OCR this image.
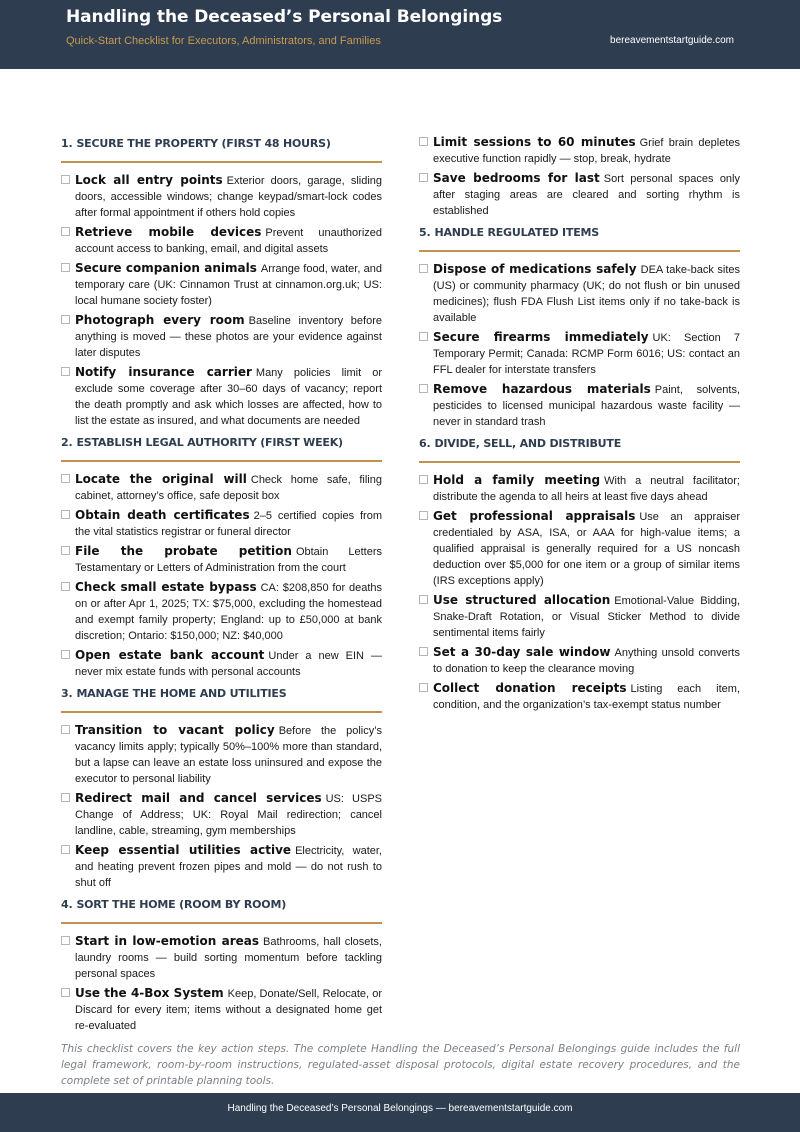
Handling the Deceased’s Personal Belongings
Quick-Start Checklist for Executors, Administrators, and Families	bereavementstartguide.com
1. SECURE THE PROPERTY (FIRST 48 HOURS)
Lock all entry points Exterior doors, garage, sliding doors, accessible windows; change keypad/smart-lock codes after formal appointment if others hold copies
Retrieve mobile devices Prevent unauthorized account access to banking, email, and digital assets
Secure companion animals Arrange food, water, and temporary care (UK: Cinnamon Trust at cinnamon.org.uk; US: local humane society foster)
Photograph every room Baseline inventory before anything is moved — these photos are your evidence against later disputes
Notify insurance carrier Many policies limit or exclude some coverage after 30–60 days of vacancy; report the death promptly and ask which losses are affected, how to list the estate as insured, and what documents are needed
2. ESTABLISH LEGAL AUTHORITY (FIRST WEEK)
Locate the original will Check home safe, filing cabinet, attorney’s office, safe deposit box
Obtain death certificates 2–5 certified copies from the vital statistics registrar or funeral director
File the probate petition Obtain Letters Testamentary or Letters of Administration from the court
Check small estate bypass CA: $208,850 for deaths on or after Apr 1, 2025; TX: $75,000, excluding the homestead and exempt family property; England: up to £50,000 at bank discretion; Ontario: $150,000; NZ: $40,000
Open estate bank account Under a new EIN — never mix estate funds with personal accounts
3. MANAGE THE HOME AND UTILITIES
Transition to vacant policy Before the policy’s vacancy limits apply; typically 50%–100% more than standard, but a lapse can leave an estate loss uninsured and expose the executor to personal liability
Redirect mail and cancel services US: USPS Change of Address; UK: Royal Mail redirection; cancel landline, cable, streaming, gym memberships
Keep essential utilities active Electricity, water, and heating prevent frozen pipes and mold — do not rush to shut off
4. SORT THE HOME (ROOM BY ROOM)
Start in low-emotion areas Bathrooms, hall closets, laundry rooms — build sorting momentum before tackling personal spaces
Use the 4-Box System Keep, Donate/Sell, Relocate, or Discard for every item; items without a designated home get re-evaluated
Limit sessions to 60 minutes Grief brain depletes executive function rapidly — stop, break, hydrate
Save bedrooms for last Sort personal spaces only after staging areas are cleared and sorting rhythm is established
5. HANDLE REGULATED ITEMS
Dispose of medications safely DEA take-back sites (US) or community pharmacy (UK; do not flush or bin unused medicines); flush FDA Flush List items only if no take-back is available
Secure firearms immediately UK: Section 7 Temporary Permit; Canada: RCMP Form 6016; US: contact an FFL dealer for interstate transfers
Remove hazardous materials Paint, solvents, pesticides to licensed municipal hazardous waste facility — never in standard trash
6. DIVIDE, SELL, AND DISTRIBUTE
Hold a family meeting With a neutral facilitator; distribute the agenda to all heirs at least five days ahead
Get professional appraisals Use an appraiser credentialed by ASA, ISA, or AAA for high-value items; a qualified appraisal is generally required for a US noncash deduction over $5,000 for one item or a group of similar items (IRS exceptions apply)
Use structured allocation Emotional-Value Bidding, Snake-Draft Rotation, or Visual Sticker Method to divide sentimental items fairly
Set a 30-day sale window Anything unsold converts to donation to keep the clearance moving
Collect donation receipts Listing each item, condition, and the organization’s tax-exempt status number
This checklist covers the key action steps. The complete Handling the Deceased’s Personal Belongings guide includes the full legal framework, room-by-room instructions, regulated-asset disposal protocols, digital estate recovery procedures, and the complete set of printable planning tools.
Handling the Deceased’s Personal Belongings — bereavementstartguide.com
